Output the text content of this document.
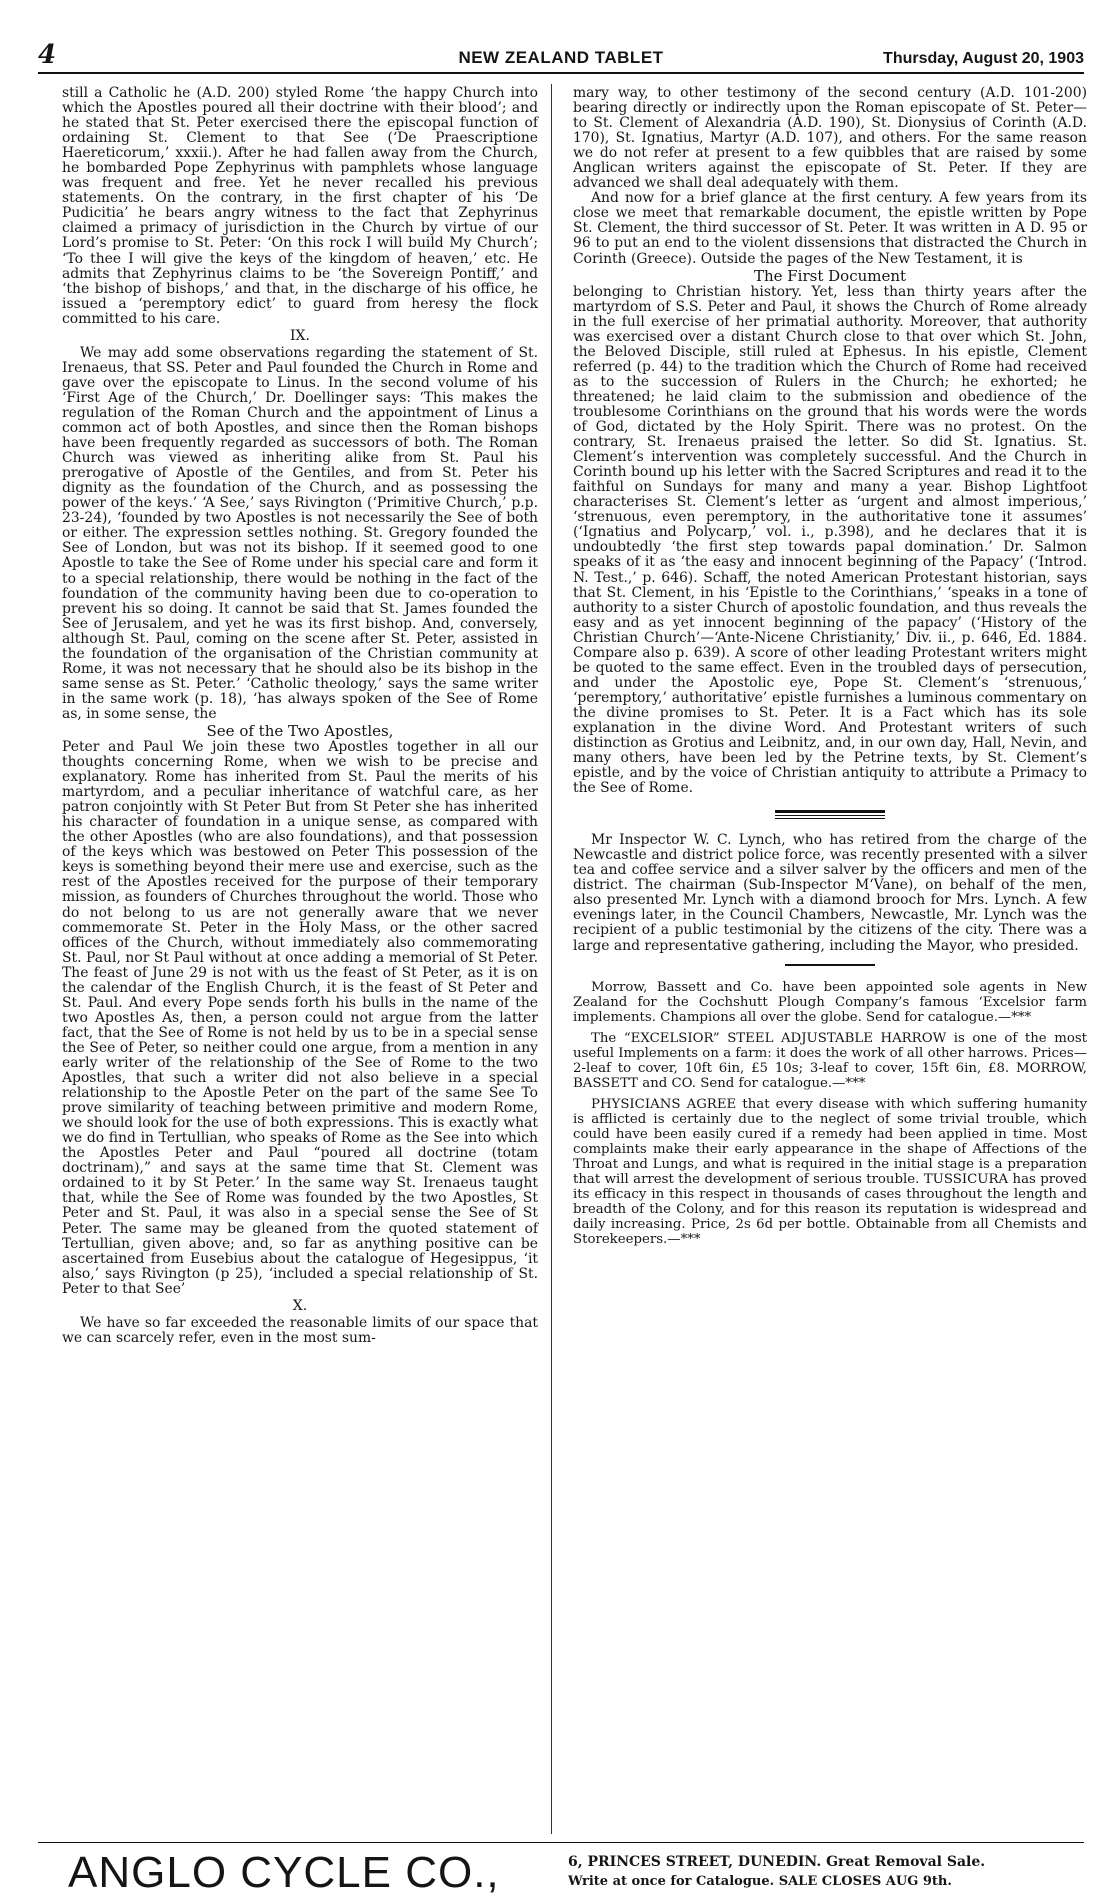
4	NEW ZEALAND TABLET	Thursday, August 20, 1903

still a Catholic he (A.D. 200) styled Rome ‘the happy Church into which the Apostles poured all their doctrine with their blood’; and he stated that St. Peter exercised there the episcopal function of ordaining St. Clement to that See (‘De Praescriptione Haereticorum,’ xxxii.). After he had fallen away from the Church, he bombarded Pope Zephyrinus with pamphlets whose language was frequent and free. Yet he never recalled his previous statements. On the contrary, in the first chapter of his ‘De Pudicitia’ he bears angry witness to the fact that Zephyrinus claimed a primacy of jurisdiction in the Church by virtue of our Lord’s promise to St. Peter: ‘On this rock I will build My Church’; ‘To thee I will give the keys of the kingdom of heaven,’ etc. He admits that Zephyrinus claims to be ‘the Sovereign Pontiff,’ and ‘the bishop of bishops,’ and that, in the discharge of his office, he issued a ‘peremptory edict’ to guard from heresy the flock committed to his care.

IX.

We may add some observations regarding the statement of St. Irenaeus, that SS. Peter and Paul founded the Church in Rome and gave over the episcopate to Linus. In the second volume of his ‘First Age of the Church,’ Dr. Doellinger says: ‘This makes the regulation of the Roman Church and the appointment of Linus a common act of both Apostles, and since then the Roman bishops have been frequently regarded as successors of both. The Roman Church was viewed as inheriting alike from St. Paul his prerogative of Apostle of the Gentiles, and from St. Peter his dignity as the foundation of the Church, and as possessing the power of the keys.’ ‘A See,’ says Rivington (‘Primitive Church,’ p.p. 23-24), ‘founded by two Apostles is not necessarily the See of both or either. The expression settles nothing. St. Gregory founded the See of London, but was not its bishop. If it seemed good to one Apostle to take the See of Rome under his special care and form it to a special relationship, there would be nothing in the fact of the foundation of the community having been due to co-operation to prevent his so doing. It cannot be said that St. James founded the See of Jerusalem, and yet he was its first bishop. And, conversely, although St. Paul, coming on the scene after St. Peter, assisted in the foundation of the organisation of the Christian community at Rome, it was not necessary that he should also be its bishop in the same sense as St. Peter.’ ‘Catholic theology,’ says the same writer in the same work (p. 18), ‘has always spoken of the See of Rome as, in some sense, the

See of the Two Apostles,

Peter and Paul We join these two Apostles together in all our thoughts concerning Rome, when we wish to be precise and explanatory. Rome has inherited from St. Paul the merits of his martyrdom, and a peculiar inheritance of watchful care, as her patron conjointly with St Peter But from St Peter she has inherited his character of foundation in a unique sense, as compared with the other Apostles (who are also foundations), and that possession of the keys which was bestowed on Peter This possession of the keys is something beyond their mere use and exercise, such as the rest of the Apostles received for the purpose of their temporary mission, as founders of Churches throughout the world. Those who do not belong to us are not generally aware that we never commemorate St. Peter in the Holy Mass, or the other sacred offices of the Church, without immediately also commemorating St. Paul, nor St Paul without at once adding a memorial of St Peter. The feast of June 29 is not with us the feast of St Peter, as it is on the calendar of the English Church, it is the feast of St Peter and St. Paul. And every Pope sends forth his bulls in the name of the two Apostles As, then, a person could not argue from the latter fact, that the See of Rome is not held by us to be in a special sense the See of Peter, so neither could one argue, from a mention in any early writer of the relationship of the See of Rome to the two Apostles, that such a writer did not also believe in a special relationship to the Apostle Peter on the part of the same See To prove similarity of teaching between primitive and modern Rome, we should look for the use of both expressions. This is exactly what we do find in Tertullian, who speaks of Rome as the See into which the Apostles Peter and Paul “poured all doctrine (totam doctrinam),” and says at the same time that St. Clement was ordained to it by St Peter.’ In the same way St. Irenaeus taught that, while the See of Rome was founded by the two Apostles, St Peter and St. Paul, it was also in a special sense the See of St Peter. The same may be gleaned from the quoted statement of Tertullian, given above; and, so far as anything positive can be ascertained from Eusebius about the catalogue of Hegesippus, ‘it also,’ says Rivington (p 25), ‘included a special relationship of St. Peter to that See’

X.

We have so far exceeded the reasonable limits of our space that we can scarcely refer, even in the most sum-

mary way, to other testimony of the second century (A.D. 101-200) bearing directly or indirectly upon the Roman episcopate of St. Peter—to St. Clement of Alexandria (A.D. 190), St. Dionysius of Corinth (A.D. 170), St. Ignatius, Martyr (A.D. 107), and others. For the same reason we do not refer at present to a few quibbles that are raised by some Anglican writers against the episcopate of St. Peter. If they are advanced we shall deal adequately with them.

And now for a brief glance at the first century. A few years from its close we meet that remarkable document, the epistle written by Pope St. Clement, the third successor of St. Peter. It was written in A D. 95 or 96 to put an end to the violent dissensions that distracted the Church in Corinth (Greece). Outside the pages of the New Testament, it is

The First Document

belonging to Christian history. Yet, less than thirty years after the martyrdom of S.S. Peter and Paul, it shows the Church of Rome already in the full exercise of her primatial authority. Moreover, that authority was exercised over a distant Church close to that over which St. John, the Beloved Disciple, still ruled at Ephesus. In his epistle, Clement referred (p. 44) to the tradition which the Church of Rome had received as to the succession of Rulers in the Church; he exhorted; he threatened; he laid claim to the submission and obedience of the troublesome Corinthians on the ground that his words were the words of God, dictated by the Holy Spirit. There was no protest. On the contrary, St. Irenaeus praised the letter. So did St. Ignatius. St. Clement’s intervention was completely successful. And the Church in Corinth bound up his letter with the Sacred Scriptures and read it to the faithful on Sundays for many and many a year. Bishop Lightfoot characterises St. Clement’s letter as ‘urgent and almost imperious,’ ‘strenuous, even peremptory, in the authoritative tone it assumes’ (‘Ignatius and Polycarp,’ vol. i., p.398), and he declares that it is undoubtedly ‘the first step towards papal domination.’ Dr. Salmon speaks of it as ‘the easy and innocent beginning of the Papacy’ (‘Introd. N. Test.,’ p. 646). Schaff, the noted American Protestant historian, says that St. Clement, in his ‘Epistle to the Corinthians,’ ‘speaks in a tone of authority to a sister Church of apostolic foundation, and thus reveals the easy and as yet innocent beginning of the papacy’ (‘History of the Christian Church’—‘Ante-Nicene Christianity,’ Div. ii., p. 646, Ed. 1884. Compare also p. 639). A score of other leading Protestant writers might be quoted to the same effect. Even in the troubled days of persecution, and under the Apostolic eye, Pope St. Clement’s ‘strenuous,’ ‘peremptory,’ authoritative’ epistle furnishes a luminous commentary on the divine promises to St. Peter. It is a Fact which has its sole explanation in the divine Word. And Protestant writers of such distinction as Grotius and Leibnitz, and, in our own day, Hall, Nevin, and many others, have been led by the Petrine texts, by St. Clement’s epistle, and by the voice of Christian antiquity to attribute a Primacy to the See of Rome.

Mr Inspector W. C. Lynch, who has retired from the charge of the Newcastle and district police force, was recently presented with a silver tea and coffee service and a silver salver by the officers and men of the district. The chairman (Sub-Inspector M‘Vane), on behalf of the men, also presented Mr. Lynch with a diamond brooch for Mrs. Lynch. A few evenings later, in the Council Chambers, Newcastle, Mr. Lynch was the recipient of a public testimonial by the citizens of the city. There was a large and representative gathering, including the Mayor, who presided.

Morrow, Bassett and Co. have been appointed sole agents in New Zealand for the Cochshutt Plough Company’s famous ‘Excelsior farm implements. Champions all over the globe. Send for catalogue.—***

The “EXCELSIOR” STEEL ADJUSTABLE HARROW is one of the most useful Implements on a farm: it does the work of all other harrows. Prices—2-leaf to cover, 10ft 6in, £5 10s; 3-leaf to cover, 15ft 6in, £8. MORROW, BASSETT and CO. Send for catalogue.—***

PHYSICIANS AGREE that every disease with which suffering humanity is afflicted is certainly due to the neglect of some trivial trouble, which could have been easily cured if a remedy had been applied in time. Most complaints make their early appearance in the shape of Affections of the Throat and Lungs, and what is required in the initial stage is a preparation that will arrest the development of serious trouble. TUSSICURA has proved its efficacy in this respect in thousands of cases throughout the length and breadth of the Colony, and for this reason its reputation is widespread and daily increasing. Price, 2s 6d per bottle. Obtainable from all Chemists and Storekeepers.—***

ANGLO CYCLE CO.,	6, PRINCES STREET, DUNEDIN. Great Removal Sale.
Write at once for Catalogue. SALE CLOSES AUG 9th.
